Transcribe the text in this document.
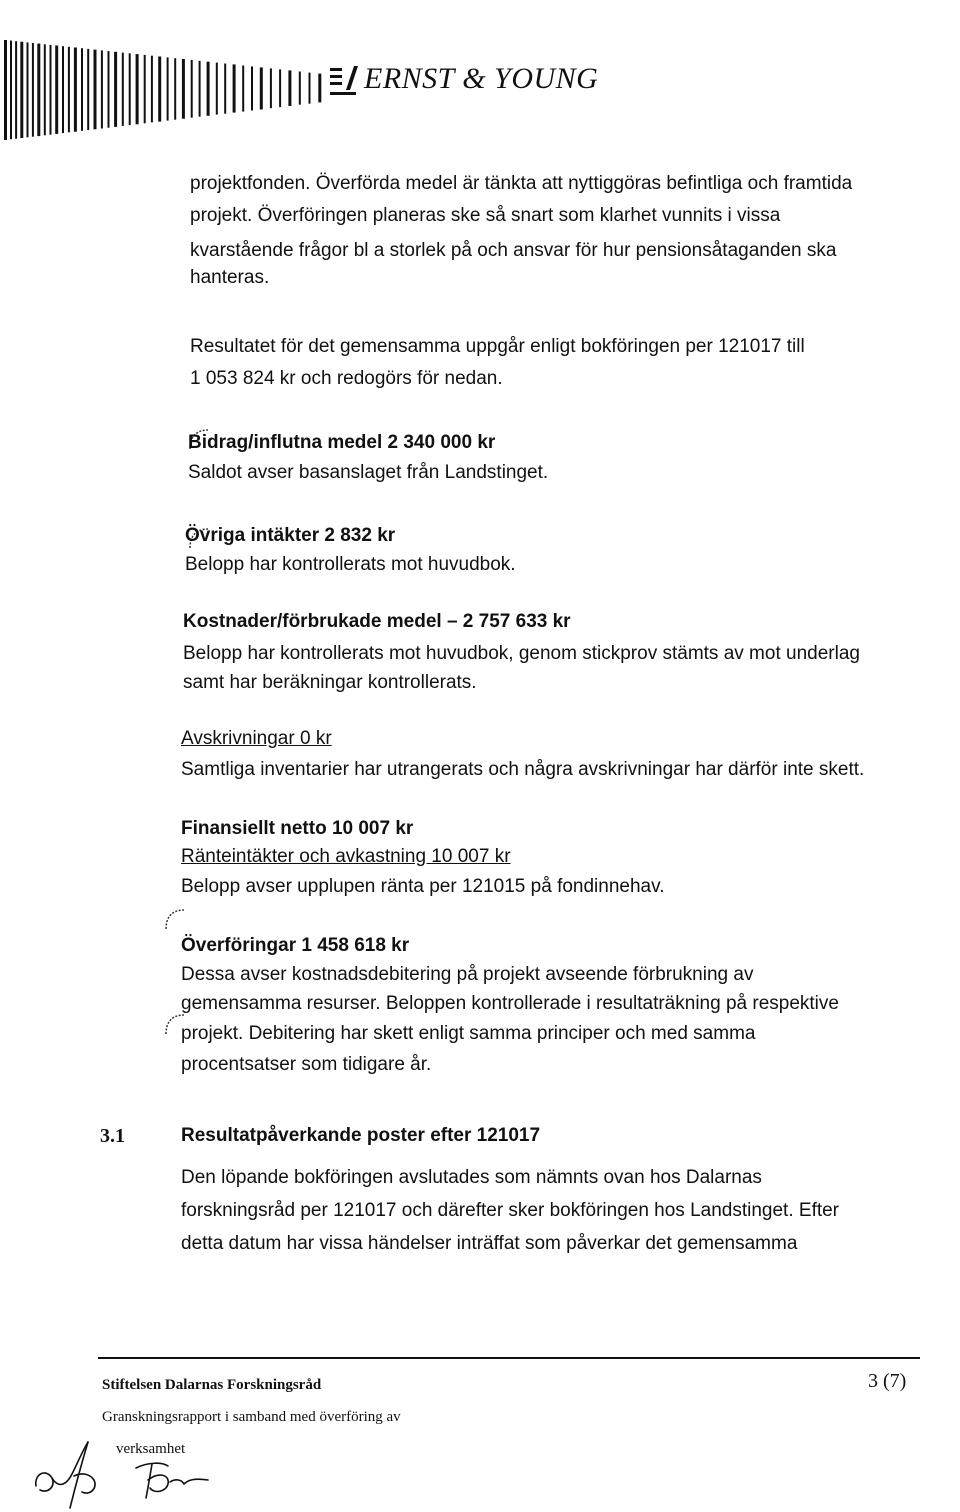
ERNST & YOUNG
projektfonden. Överförda medel är tänkta att nyttiggöras befintliga och framtida
projekt. Överföringen planeras ske så snart som klarhet vunnits i vissa
kvarstående frågor bl a storlek på och ansvar för hur pensionsåtaganden ska
hanteras.
Resultatet för det gemensamma uppgår enligt bokföringen per 121017 till
1 053 824 kr och redogörs för nedan.
Bidrag/influtna medel 2 340 000 kr
Saldot avser basanslaget från Landstinget.
Övriga intäkter 2 832 kr
Belopp har kontrollerats mot huvudbok.
Kostnader/förbrukade medel – 2 757 633 kr
Belopp har kontrollerats mot huvudbok, genom stickprov stämts av mot underlag
samt har beräkningar kontrollerats.
Avskrivningar 0 kr
Samtliga inventarier har utrangerats och några avskrivningar har därför inte skett.
Finansiellt netto 10 007 kr
Ränteintäkter och avkastning 10 007 kr
Belopp avser upplupen ränta per 121015 på fondinnehav.
Överföringar 1 458 618 kr
Dessa avser kostnadsdebitering på projekt avseende förbrukning av
gemensamma resurser. Beloppen kontrollerade i resultaträkning på respektive
projekt. Debitering har skett enligt samma principer och med samma
procentsatser som tidigare år.
3.1	Resultatpåverkande poster efter 121017
Den löpande bokföringen avslutades som nämnts ovan hos Dalarnas
forskningsråd per 121017 och därefter sker bokföringen hos Landstinget. Efter
detta datum har vissa händelser inträffat som påverkar det gemensamma
Stiftelsen Dalarnas Forskningsråd	3 (7)
Granskningsrapport i samband med överföring av
verksamhet
